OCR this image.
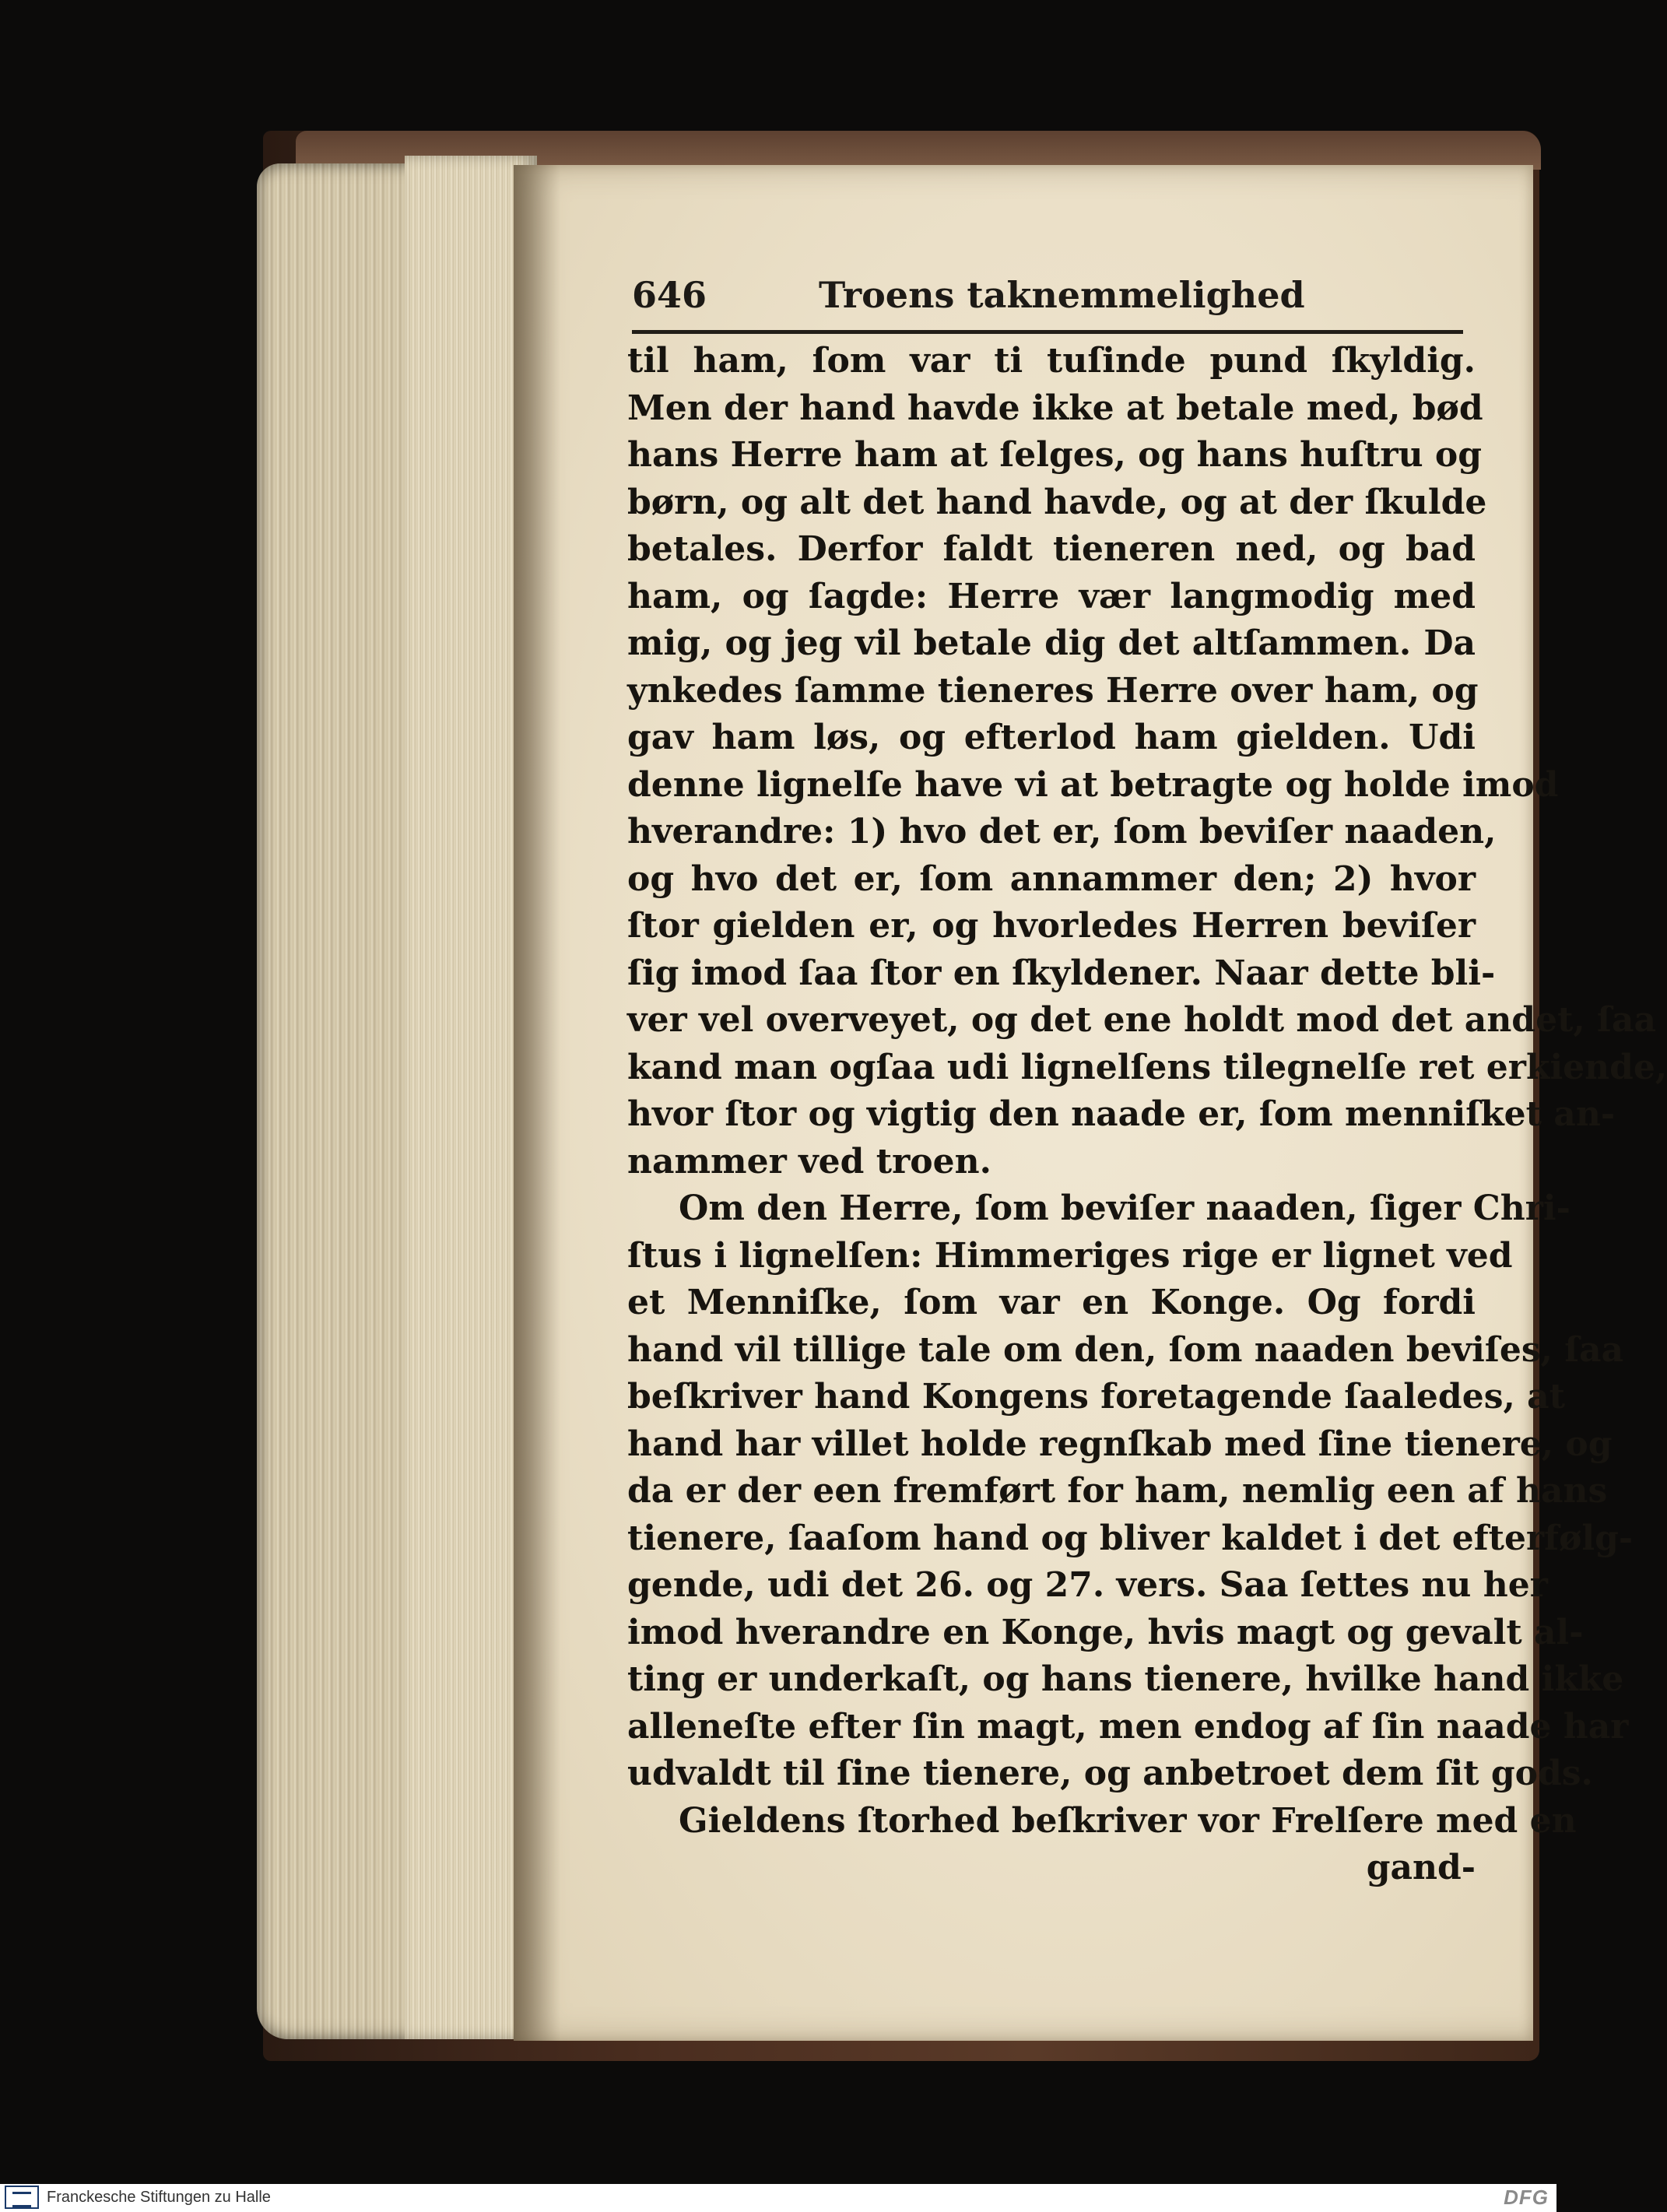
646	Troens taknemmelighed
til ham, ſom var ti tuſinde pund ſkyldig.
Men der hand havde ikke at betale med, bød
hans Herre ham at ſelges, og hans huſtru og
børn, og alt det hand havde, og at der ſkulde
betales. Derfor faldt tieneren ned, og bad
ham, og ſagde: Herre vær langmodig med
mig, og jeg vil betale dig det altſammen. Da
ynkedes ſamme tieneres Herre over ham, og
gav ham løs, og efterlod ham gielden. Udi
denne lignelſe have vi at betragte og holde imod
hverandre: 1) hvo det er, ſom beviſer naaden,
og hvo det er, ſom annammer den; 2) hvor
ſtor gielden er, og hvorledes Herren beviſer
ſig imod ſaa ſtor en ſkyldener. Naar dette bli-
ver vel overveyet, og det ene holdt mod det andet, ſaa
kand man ogſaa udi lignelſens tilegnelſe ret erkiende,
hvor ſtor og vigtig den naade er, ſom menniſket an-
nammer ved troen.
Om den Herre, ſom beviſer naaden, ſiger Chri-
ſtus i lignelſen: Himmeriges rige er lignet ved
et Menniſke, ſom var en Konge. Og fordi
hand vil tillige tale om den, ſom naaden beviſes, ſaa
beſkriver hand Kongens foretagende ſaaledes, at
hand har villet holde regnſkab med ſine tienere, og
da er der een fremført for ham, nemlig een af hans
tienere, ſaaſom hand og bliver kaldet i det efterfølg-
gende, udi det 26. og 27. vers. Saa ſettes nu her
imod hverandre en Konge, hvis magt og gevalt al-
ting er underkaſt, og hans tienere, hvilke hand ikke
alleneſte efter ſin magt, men endog af ſin naade har
udvaldt til ſine tienere, og anbetroet dem ſit gods.
Gieldens ſtorhed beſkriver vor Frelſere med en
gand-
Franckesche Stiftungen zu Halle	DFG
